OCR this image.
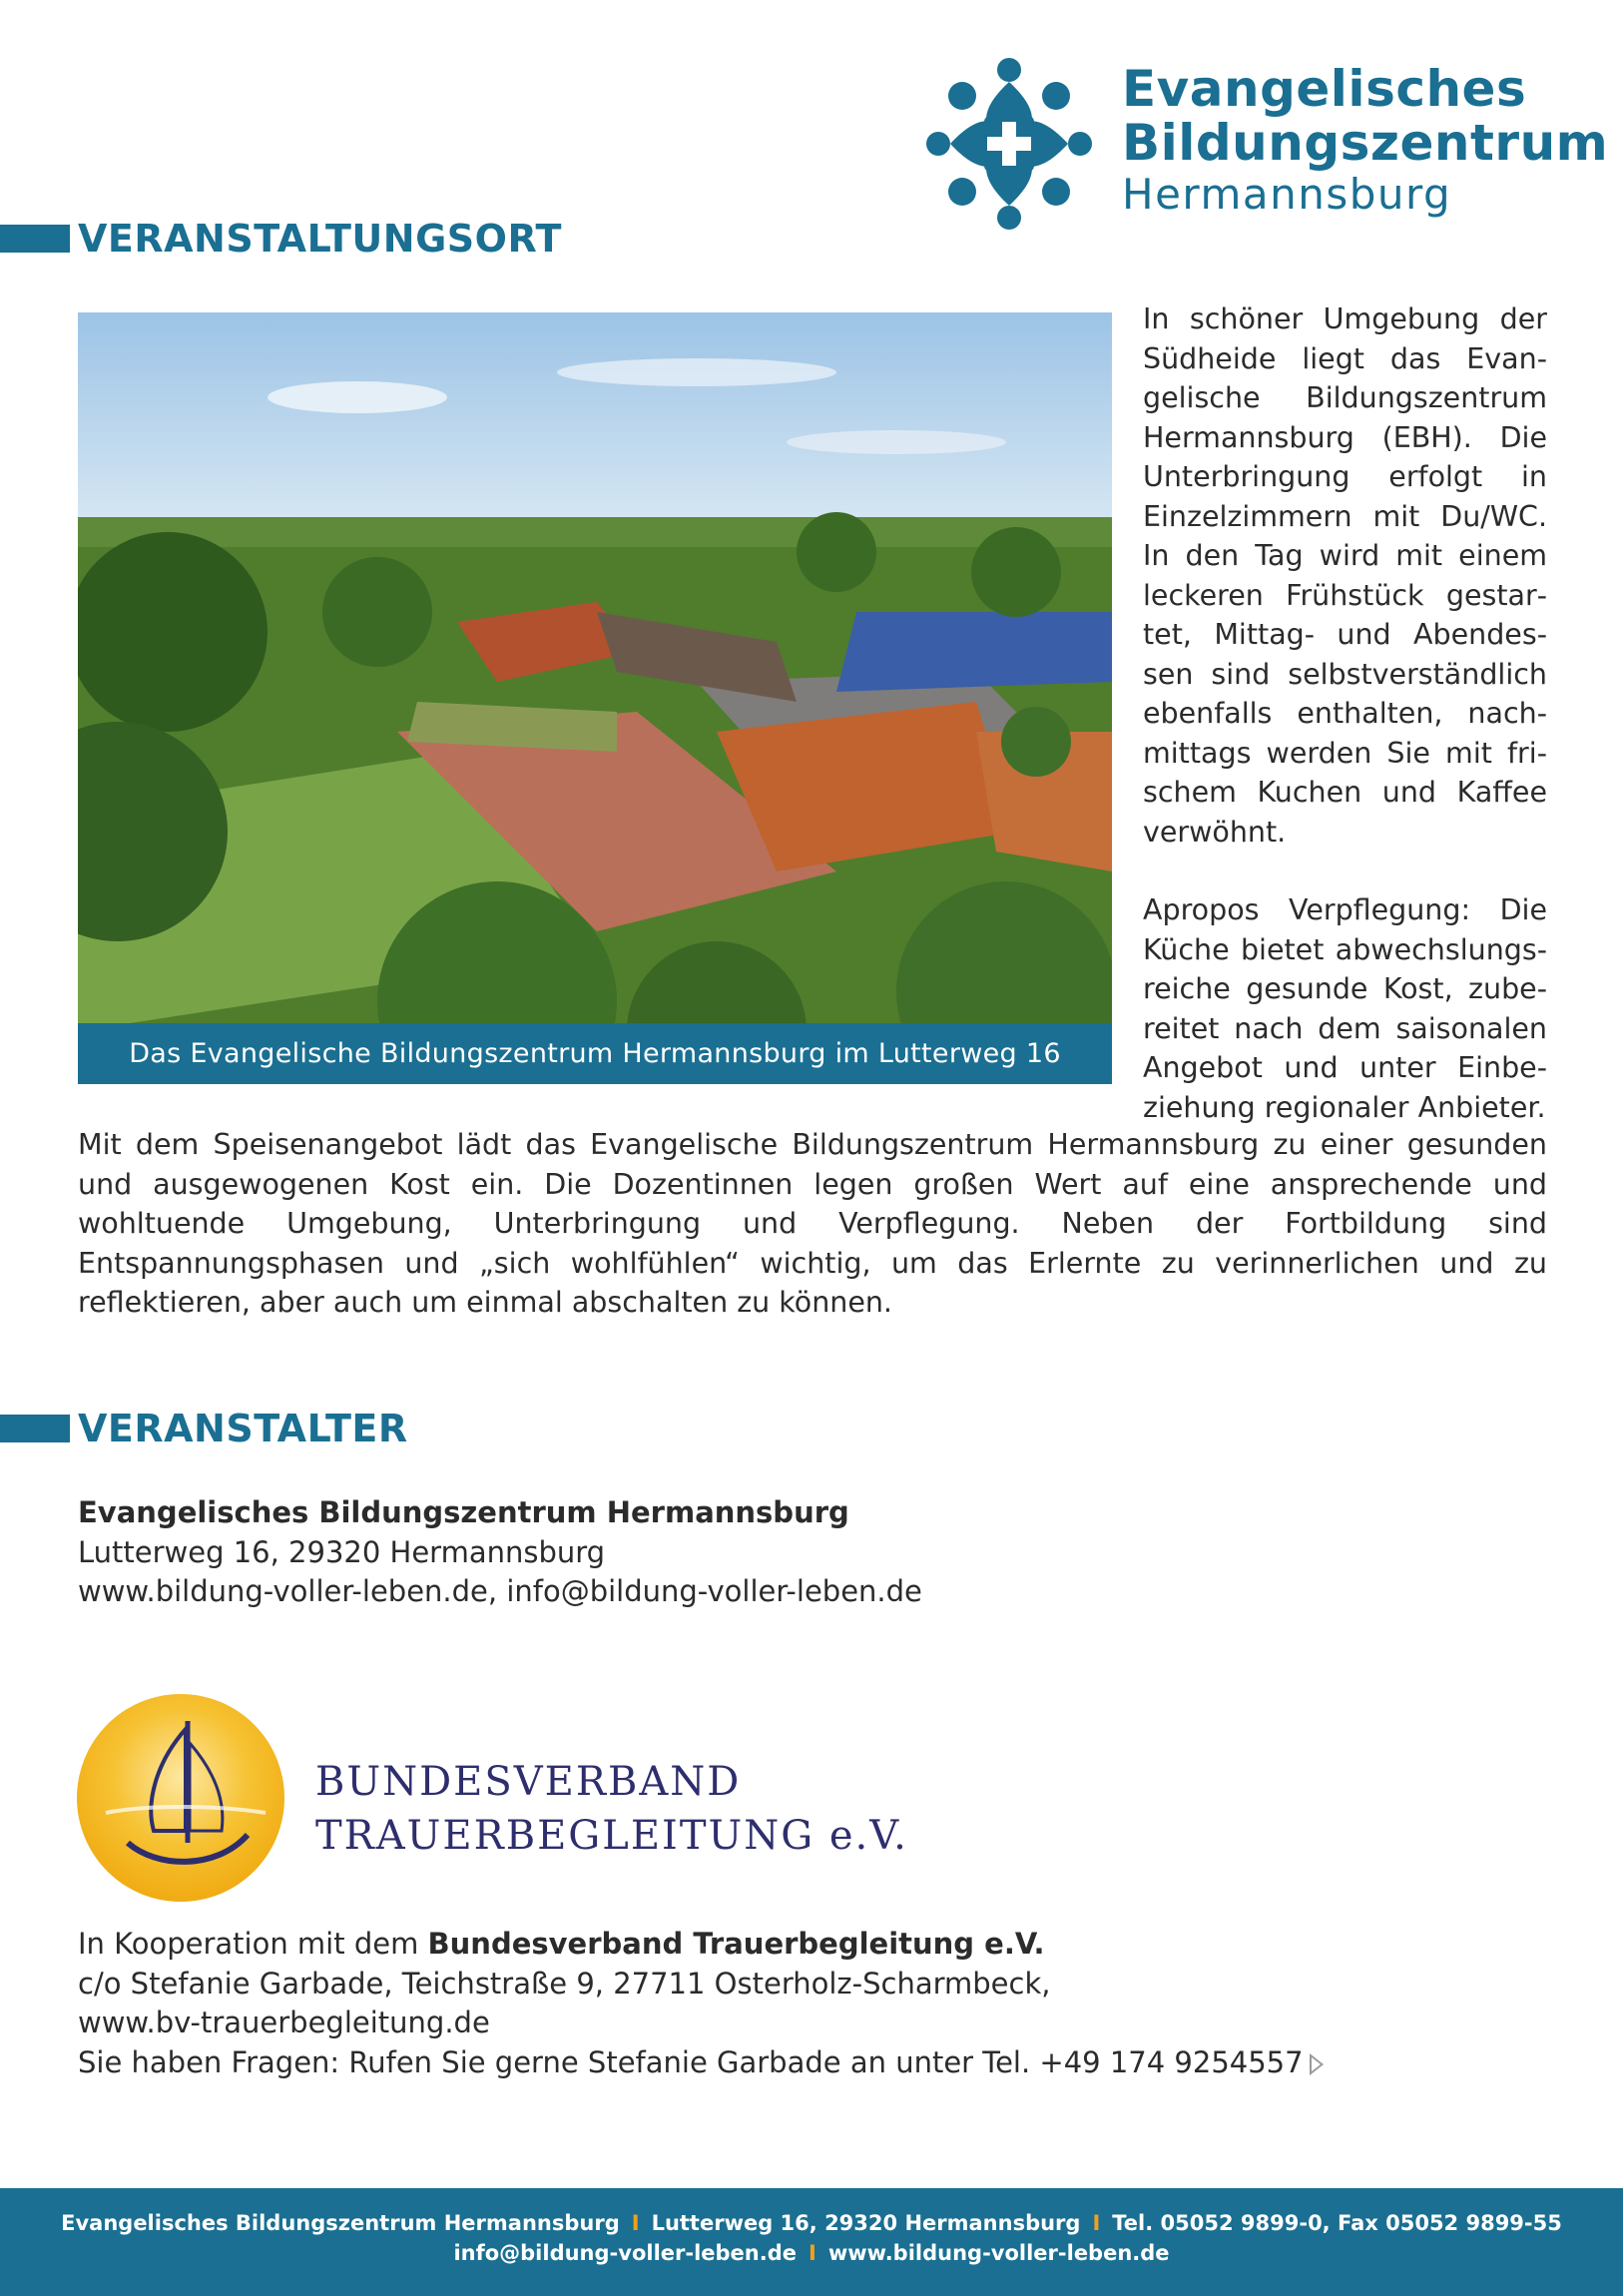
Evangelisches
Bildungszentrum
Hermannsburg
VERANSTALTUNGSORT
Das Evangelische Bildungszentrum Hermannsburg im Lutterweg 16

In schöner Umgebung der Südheide liegt das Evangelische Bildungszentrum Hermannsburg (EBH). Die Unterbringung erfolgt in Einzelzimmern mit Du/WC. In den Tag wird mit einem leckeren Frühstück gestartet, Mittag- und Abendessen sind selbstverständlich ebenfalls enthalten, nachmittags werden Sie mit frischem Kuchen und Kaffee verwöhnt.

Apropos Verpflegung: Die Küche bietet abwechslungsreiche gesunde Kost, zubereitet nach dem saisonalen Angebot und unter Einbeziehung regionaler Anbieter.

Mit dem Speisenangebot lädt das Evangelische Bildungszentrum Hermannsburg zu einer gesunden und ausgewogenen Kost ein. Die Dozentinnen legen großen Wert auf eine ansprechende und wohltuende Umgebung, Unterbringung und Verpflegung. Neben der Fortbildung sind Entspannungsphasen und „sich wohlfühlen“ wichtig, um das Erlernte zu verinnerlichen und zu reflektieren, aber auch um einmal abschalten zu können.
VERANSTALTER
Evangelisches Bildungszentrum Hermannsburg
Lutterweg 16, 29320 Hermannsburg
www.bildung-voller-leben.de, info@bildung-voller-leben.de
BUNDESVERBAND
TRAUERBEGLEITUNG e.V.
In Kooperation mit dem Bundesverband Trauerbegleitung e.V.
c/o Stefanie Garbade, Teichstraße 9, 27711 Osterholz-Scharmbeck,
www.bv-trauerbegleitung.de
Sie haben Fragen: Rufen Sie gerne Stefanie Garbade an unter Tel. +49 174 9254557
Evangelisches Bildungszentrum Hermannsburg I Lutterweg 16, 29320 Hermannsburg I Tel. 05052 9899-0, Fax 05052 9899-55
info@bildung-voller-leben.de I www.bildung-voller-leben.de
